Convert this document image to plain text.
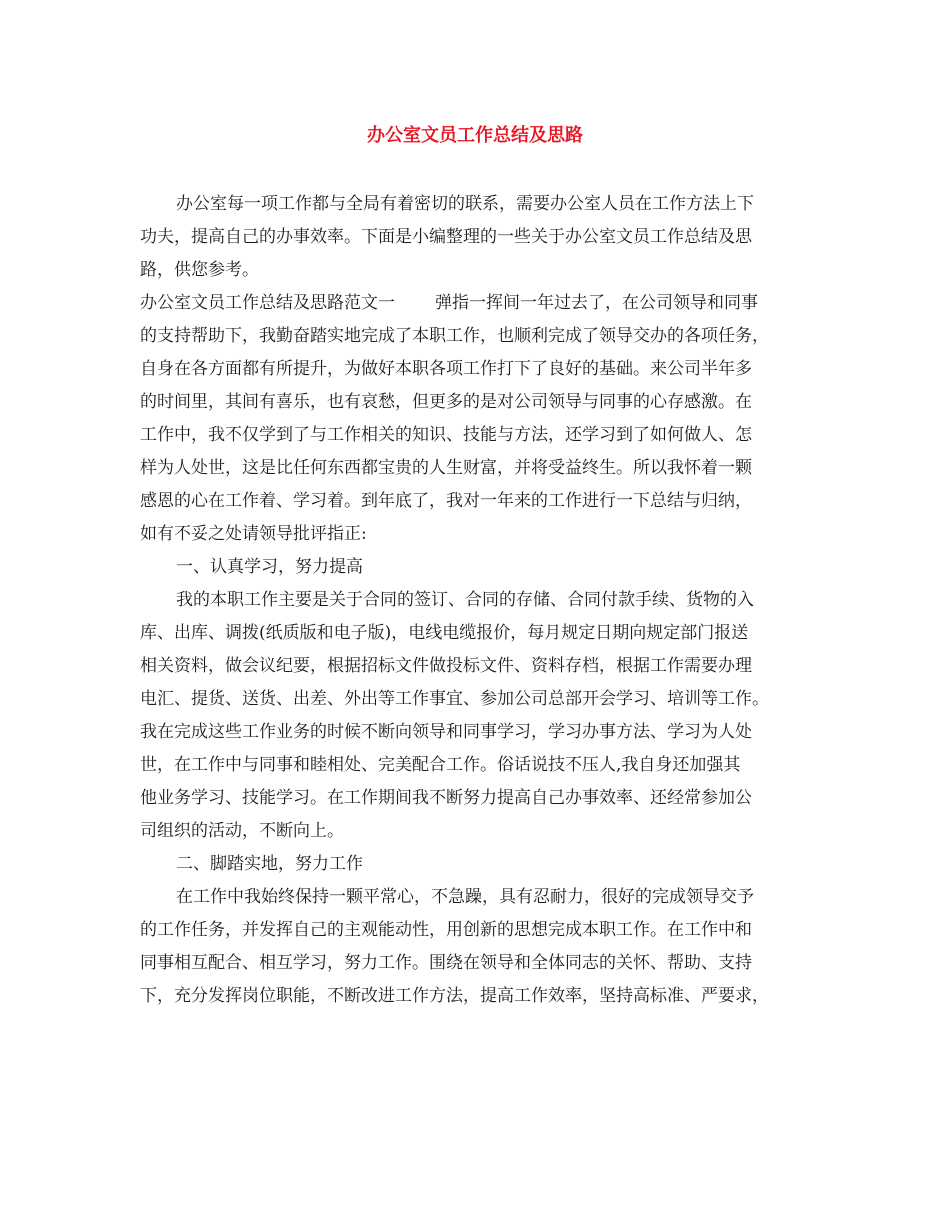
办公室文员工作总结及思路
办公室每一项工作都与全局有着密切的联系，需要办公室人员在工作方法上下
功夫，提高自己的办事效率。下面是小编整理的一些关于办公室文员工作总结及思
路，供您参考。
办公室文员工作总结及思路范文一 弹指一挥间一年过去了，在公司领导和同事
的支持帮助下，我勤奋踏实地完成了本职工作，也顺利完成了领导交办的各项任务，
自身在各方面都有所提升，为做好本职各项工作打下了良好的基础。来公司半年多
的时间里，其间有喜乐，也有哀愁，但更多的是对公司领导与同事的心存感激。在
工作中，我不仅学到了与工作相关的知识、技能与方法，还学习到了如何做人、怎
样为人处世，这是比任何东西都宝贵的人生财富，并将受益终生。所以我怀着一颗
感恩的心在工作着、学习着。到年底了，我对一年来的工作进行一下总结与归纳，
如有不妥之处请领导批评指正:
一、认真学习，努力提高
我的本职工作主要是关于合同的签订、合同的存储、合同付款手续、货物的入
库、出库、调拨(纸质版和电子版)，电线电缆报价，每月规定日期向规定部门报送
相关资料，做会议纪要，根据招标文件做投标文件、资料存档，根据工作需要办理
电汇、提货、送货、出差、外出等工作事宜、参加公司总部开会学习、培训等工作。
我在完成这些工作业务的时候不断向领导和同事学习，学习办事方法、学习为人处
世，在工作中与同事和睦相处、完美配合工作。俗话说技不压人,我自身还加强其
他业务学习、技能学习。在工作期间我不断努力提高自己办事效率、还经常参加公
司组织的活动，不断向上。
二、脚踏实地，努力工作
在工作中我始终保持一颗平常心，不急躁，具有忍耐力，很好的完成领导交予
的工作任务，并发挥自己的主观能动性，用创新的思想完成本职工作。在工作中和
同事相互配合、相互学习，努力工作。围绕在领导和全体同志的关怀、帮助、支持
下，充分发挥岗位职能，不断改进工作方法，提高工作效率，坚持高标准、严要求，
